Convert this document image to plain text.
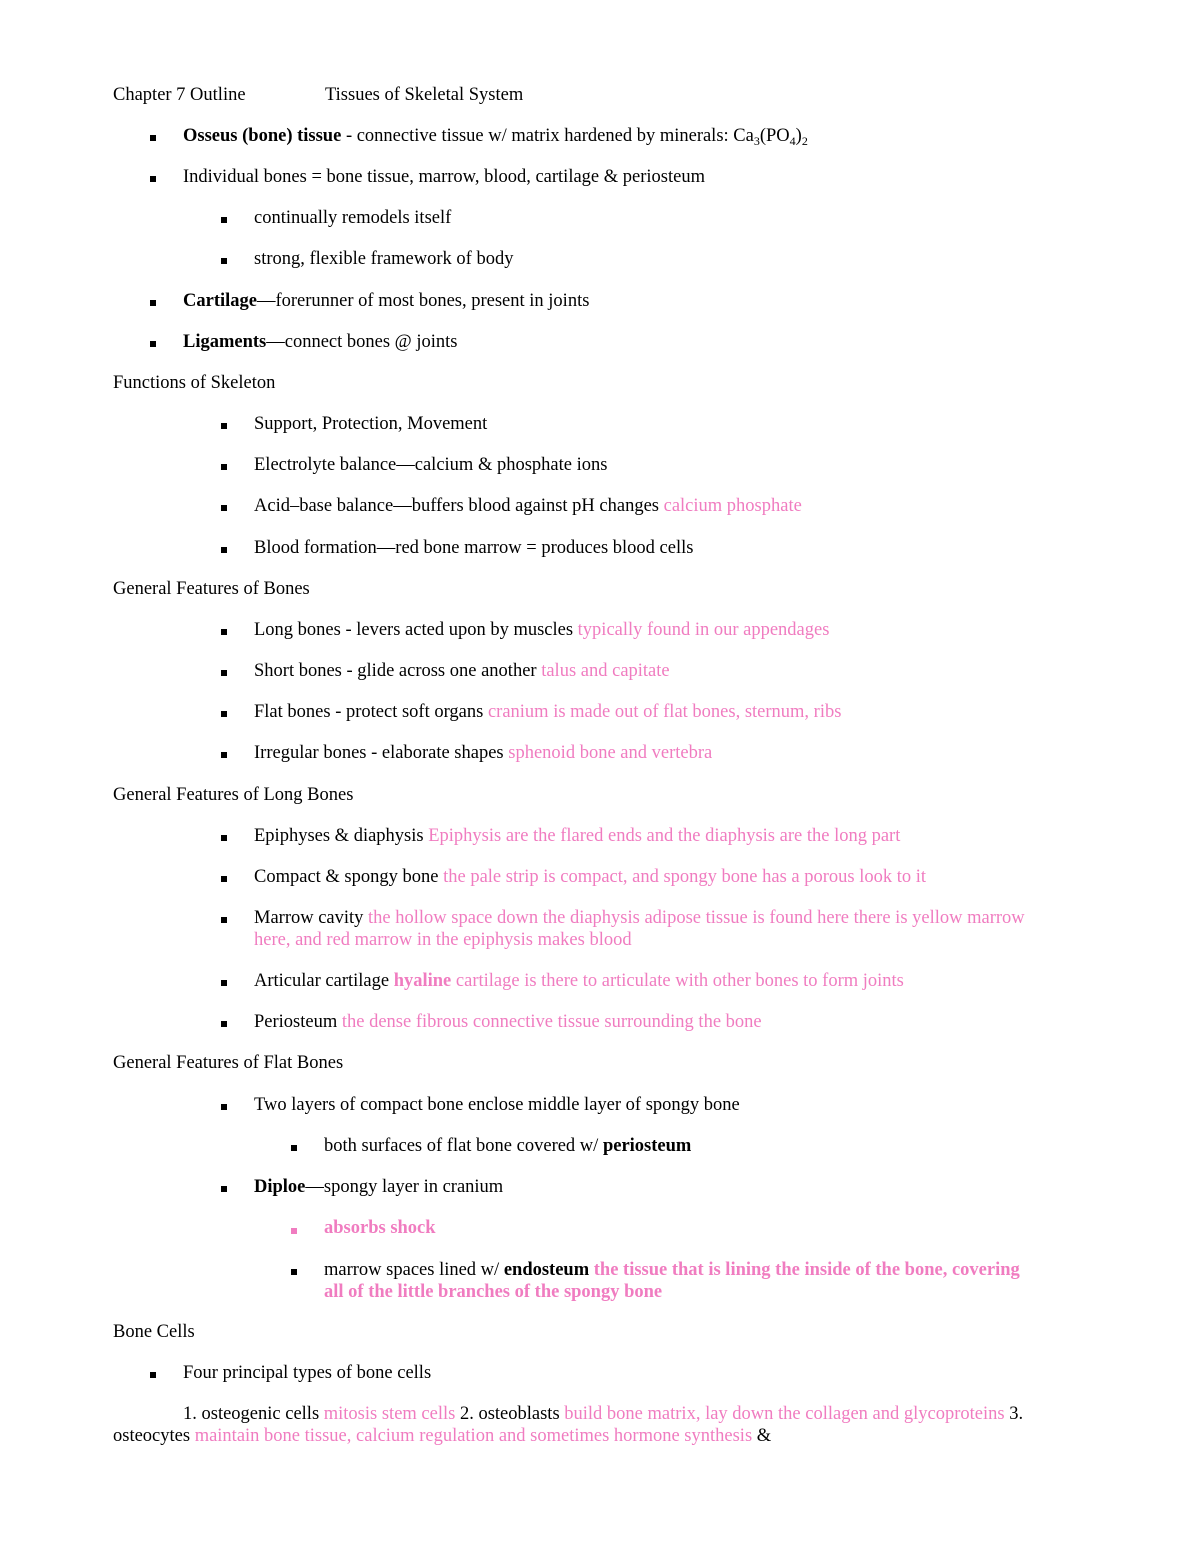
Chapter 7 Outline	Tissues of Skeletal System
Osseus (bone) tissue - connective tissue w/ matrix hardened by minerals: $Ca_3(PO_4)_2$
Individual bones = bone tissue, marrow, blood, cartilage & periosteum
continually remodels itself
strong, flexible framework of body
Cartilage—forerunner of most bones, present in joints
Ligaments—connect bones @ joints
Functions of Skeleton
Support, Protection, Movement
Electrolyte balance—calcium & phosphate ions
Acid–base balance—buffers blood against pH changes calcium phosphate
Blood formation—red bone marrow = produces blood cells
General Features of Bones
Long bones - levers acted upon by muscles typically found in our appendages
Short bones - glide across one another talus and capitate
Flat bones - protect soft organs cranium is made out of flat bones, sternum, ribs
Irregular bones - elaborate shapes sphenoid bone and vertebra
General Features of Long Bones
Epiphyses & diaphysis Epiphysis are the flared ends and the diaphysis are the long part
Compact & spongy bone the pale strip is compact, and spongy bone has a porous look to it
Marrow cavity the hollow space down the diaphysis adipose tissue is found here there is yellow marrow
here, and red marrow in the epiphysis makes blood
Articular cartilage hyaline cartilage is there to articulate with other bones to form joints
Periosteum the dense fibrous connective tissue surrounding the bone
General Features of Flat Bones
Two layers of compact bone enclose middle layer of spongy bone
both surfaces of flat bone covered w/ periosteum
Diploe—spongy layer in cranium
absorbs shock
marrow spaces lined w/ endosteum the tissue that is lining the inside of the bone, covering
all of the little branches of the spongy bone
Bone Cells
Four principal types of bone cells
1. osteogenic cells mitosis stem cells 2. osteoblasts build bone matrix, lay down the collagen and glycoproteins 3.
osteocytes maintain bone tissue, calcium regulation and sometimes hormone synthesis &
